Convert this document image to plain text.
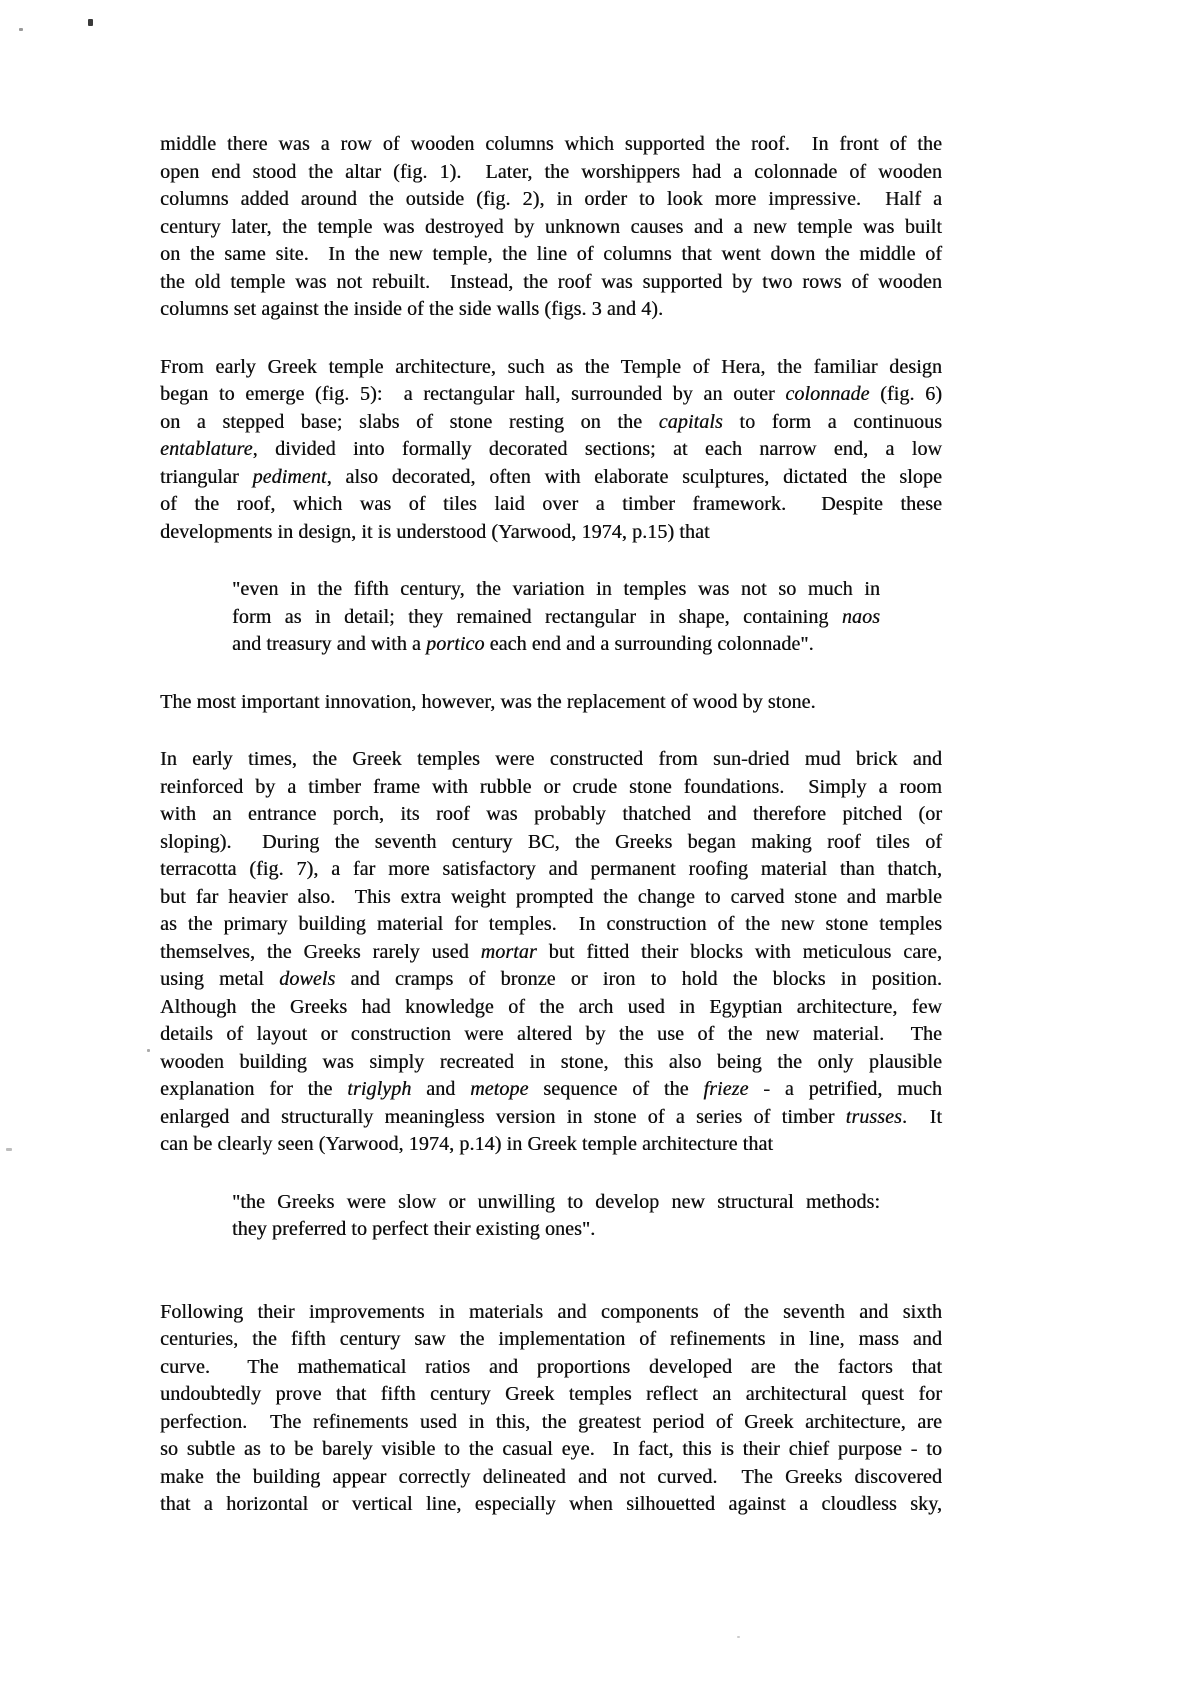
middle there was a row of wooden columns which supported the roof.  In front of the
open end stood the altar (fig. 1).  Later, the worshippers had a colonnade of wooden
columns added around the outside (fig. 2), in order to look more impressive.  Half a
century later, the temple was destroyed by unknown causes and a new temple was built
on the same site.  In the new temple, the line of columns that went down the middle of
the old temple was not rebuilt.  Instead, the roof was supported by two rows of wooden
columns set against the inside of the side walls (figs. 3 and 4).
From early Greek temple architecture, such as the Temple of Hera, the familiar design
began to emerge (fig. 5):  a rectangular hall, surrounded by an outer colonnade (fig. 6)
on a stepped base; slabs of stone resting on the capitals to form a continuous
entablature, divided into formally decorated sections; at each narrow end, a low
triangular pediment, also decorated, often with elaborate sculptures, dictated the slope
of the roof, which was of tiles laid over a timber framework.  Despite these
developments in design, it is understood (Yarwood, 1974, p.15) that
"even in the fifth century, the variation in temples was not so much in
form as in detail; they remained rectangular in shape, containing naos
and treasury and with a portico each end and a surrounding colonnade".
The most important innovation, however, was the replacement of wood by stone.
In early times, the Greek temples were constructed from sun-dried mud brick and
reinforced by a timber frame with rubble or crude stone foundations.  Simply a room
with an entrance porch, its roof was probably thatched and therefore pitched (or
sloping).  During the seventh century BC, the Greeks began making roof tiles of
terracotta (fig. 7), a far more satisfactory and permanent roofing material than thatch,
but far heavier also.  This extra weight prompted the change to carved stone and marble
as the primary building material for temples.  In construction of the new stone temples
themselves, the Greeks rarely used mortar but fitted their blocks with meticulous care,
using metal dowels and cramps of bronze or iron to hold the blocks in position.
Although the Greeks had knowledge of the arch used in Egyptian architecture, few
details of layout or construction were altered by the use of the new material.  The
wooden building was simply recreated in stone, this also being the only plausible
explanation for the triglyph and metope sequence of the frieze - a petrified, much
enlarged and structurally meaningless version in stone of a series of timber trusses.  It
can be clearly seen (Yarwood, 1974, p.14) in Greek temple architecture that
"the Greeks were slow or unwilling to develop new structural methods:
they preferred to perfect their existing ones".
Following their improvements in materials and components of the seventh and sixth
centuries, the fifth century saw the implementation of refinements in line, mass and
curve.  The mathematical ratios and proportions developed are the factors that
undoubtedly prove that fifth century Greek temples reflect an architectural quest for
perfection.  The refinements used in this, the greatest period of Greek architecture, are
so subtle as to be barely visible to the casual eye.  In fact, this is their chief purpose - to
make the building appear correctly delineated and not curved.  The Greeks discovered
that a horizontal or vertical line, especially when silhouetted against a cloudless sky,
